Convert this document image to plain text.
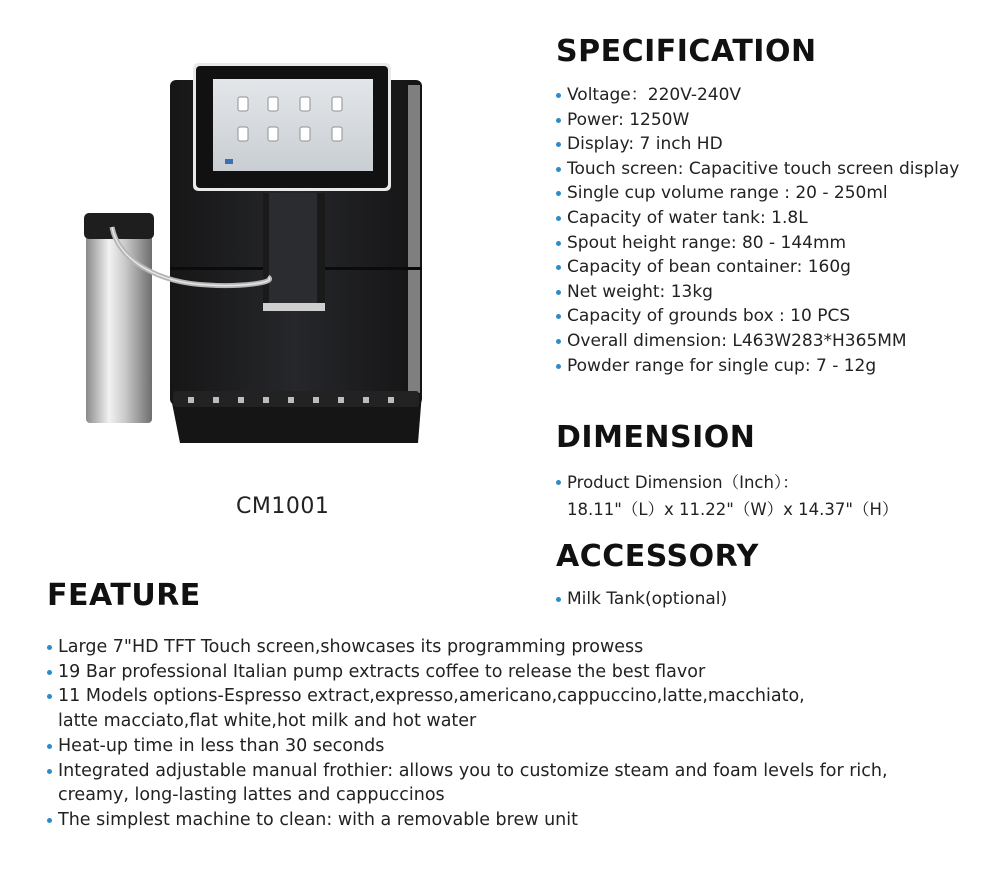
CM1001
SPECIFICATION
Voltage：220V-240V
Power: 1250W
Display: 7 inch HD
Touch screen: Capacitive touch screen display
Single cup volume range : 20 - 250ml
Capacity of water tank: 1.8L
Spout height range: 80 - 144mm
Capacity of bean container: 160g
Net weight: 13kg
Capacity of grounds box : 10 PCS
Overall dimension: L463W283*H365MM
Powder range for single cup: 7 - 12g
DIMENSION
Product Dimension（Inch）：
18.11"（L）x 11.22"（W）x 14.37"（H）
ACCESSORY
Milk Tank(optional)
FEATURE
Large 7"HD TFT Touch screen,showcases its programming prowess
19 Bar professional Italian pump extracts coffee to release the best flavor
11 Models options-Espresso extract,expresso,americano,cappuccino,latte,macchiato,
latte macciato,flat white,hot milk and hot water
Heat-up time in less than 30 seconds
Integrated adjustable manual frothier: allows you to customize steam and foam levels for rich,
creamy, long-lasting lattes and cappuccinos
The simplest machine to clean: with a removable brew unit
